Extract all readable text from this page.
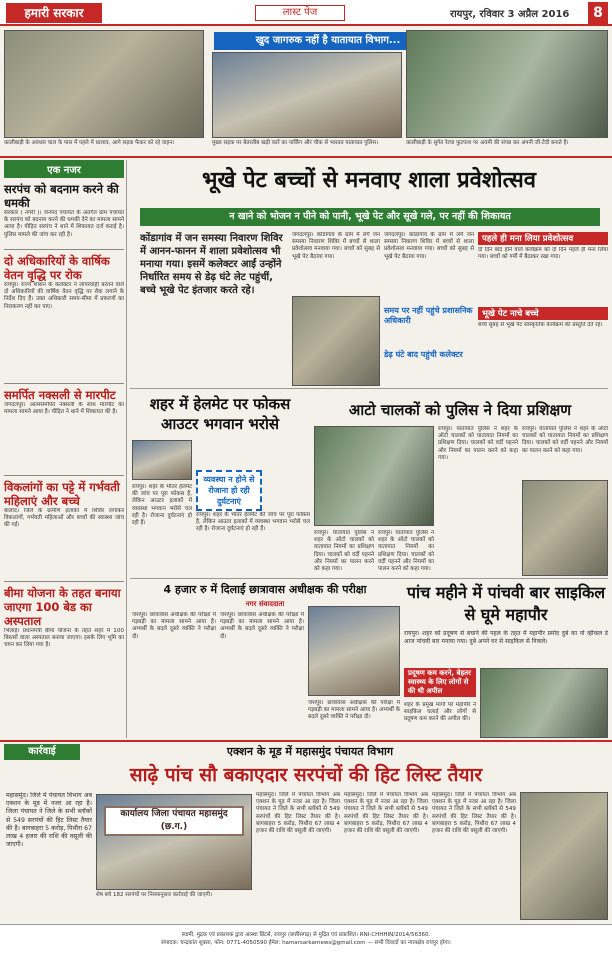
हमारी सरकार	लास्ट पेज	रायपुर, रविवार 3 अप्रैल 2016	8
खुद जागरुक नहीं है यातायात विभाग...
कालीबाड़ी के अवधस चाल के पास में पहले में धालाव, आगे सड़क फैकर को रहे वाहन।	मुख्य सड़क पर बेतरतीब खड़ी कारें का पार्किंग और चौक से भारतत यातायात पुलिस।	कालीबाड़ी के सुगेत रेल्वा फुटपाथ पर अवमी की संपन्न कर अपनी जी-टैदी बनाते हैं।
एक नजर
सरपंच को बदनाम करने की धमकी
सरकार ( नगरी )। जनपद पंचायत के अंतर्गत ग्राम पंचायत के सरपंच को बदनाम करने की धमकी देने का मामला सामने आया है। पीड़ित सरपंच ने थाने में शिकायत दर्ज कराई है। पुलिस मामले की जांच कर रही है।
दो अधिकारियों के वार्षिक वेतन वृद्धि पर रोक
रायपुर। राज्य शासन के कलेक्टर ने लापरवाही बरतने वाले दो अधिकारियों की वार्षिक वेतन वृद्धि पर रोक लगाने के निर्देश दिए हैं। उक्त अधिकारी समय-सीमा में प्रकरणों का निराकरण नहीं कर पाए।
समर्पित नक्सली से मारपीट
जगदलपुर। आत्मसमर्पित नक्सली के साथ मारपीट का मामला सामने आया है। पीड़ित ने थाने में शिकायत की है।
विकलांगों का पट्टे में गर्भवती महिलाएं और बच्चे
बालोद। जिले के ग्रामीण इलाकों में शिविर लगाकर विकलांगों, गर्भवती महिलाओं और बच्चों की स्वास्थ्य जांच की गई।
बीमा योजना के तहत बनाया जाएगा 100 बेड का अस्पताल
भिलाई। प्रधानमंत्री बीमा योजना के तहत शहर में 100 बिस्तरों वाला अस्पताल बनाया जाएगा। इसके लिए भूमि का चयन कर लिया गया है।
भूखे पेट बच्चों से मनवाए शाला प्रवेशोत्सव
न खाने को भोजन न पीने को पानी, भूखे पेट और सूखे गले, पर नहीं की शिकायत
कोंडागांव में जन समस्या निवारण शिविर में आनन-फानन में शाला प्रवेशोत्सव भी मनाया गया। इसमें कलेक्टर आईं उन्होंने निर्धारित समय से डेढ़ घंटे लेट पहुंचीं, बच्चे भूखे पेट इंतजार करते रहे।
जगदलपुर। कोंडागांव के ग्राम में लगे जन समस्या निवारण शिविर में बच्चों से शाला प्रवेशोत्सव मनवाया गया। बच्चों को सुबह से भूखे पेट बैठाया गया।
जगदलपुर। कोंडागांव के ग्राम में लगे जन समस्या निवारण शिविर में बच्चों से शाला प्रवेशोत्सव मनवाया गया। बच्चों को सुबह से भूखे पेट बैठाया गया।
समय पर नहीं पहुंचे प्रशासनिक अधिकारी
डेढ़ घंटे बाद पहुंची कलेक्टर
पहले ही मना लिया प्रवेशोत्सव
दो दिन बाद होने वाले कार्यक्रम को दो दिन पहले ही मना लिया गया। बच्चों को गर्मी में बैठाकर रखा गया।
भूखे पेट नाचे बच्चे
बच्चे सुबह से भूखे पेट सांस्कृतिक कार्यक्रम की प्रस्तुति देते रहे।
शहर में हेलमेट पर फोकस आउटर भगवान भरोसे
व्यवस्था न होने से रोजाना हो रही दुर्घटनाएं
रायपुर। शहर के भीतर हेलमेट की जांच पर पूरा फोकस है, लेकिन आउटर इलाकों में व्यवस्था भगवान भरोसे चल रही है। रोजाना दुर्घटनाएं हो रही हैं।
रायपुर। शहर के भीतर हेलमेट की जांच पर पूरा फोकस है, लेकिन आउटर इलाकों में व्यवस्था भगवान भरोसे चल रही है। रोजाना दुर्घटनाएं हो रही हैं।
आटो चालकों को पुलिस ने दिया प्रशिक्षण
रायपुर। यातायात पुलिस ने शहर के ऑटो चालकों को यातायात नियमों का प्रशिक्षण दिया। चालकों को वर्दी पहनने और नियमों का पालन करने को कहा गया।
रायपुर। यातायात पुलिस ने शहर के ऑटो चालकों को यातायात नियमों का प्रशिक्षण दिया। चालकों को वर्दी पहनने और नियमों का पालन करने को कहा गया।
रायपुर। यातायात पुलिस ने शहर के ऑटो चालकों को यातायात नियमों का प्रशिक्षण दिया। चालकों को वर्दी पहनने और नियमों का पालन करने को कहा गया।
रायपुर। यातायात पुलिस ने शहर के ऑटो चालकों को यातायात नियमों का प्रशिक्षण दिया। चालकों को वर्दी पहनने और नियमों का पालन करने को कहा गया।
4 हजार रु में दिलाई छात्रावास अधीक्षक की परीक्षा
नगर संवाददाता
जशपुर। छात्रावास अधीक्षक की परीक्षा में गड़बड़ी का मामला सामने आया है। अभ्यर्थी के बदले दूसरे व्यक्ति ने परीक्षा दी।
जशपुर। छात्रावास अधीक्षक की परीक्षा में गड़बड़ी का मामला सामने आया है। अभ्यर्थी के बदले दूसरे व्यक्ति ने परीक्षा दी।
जशपुर। छात्रावास अधीक्षक की परीक्षा में गड़बड़ी का मामला सामने आया है। अभ्यर्थी के बदले दूसरे व्यक्ति ने परीक्षा दी।
पांच महीने में पांचवी बार साइकिल से घूमे महापौर
रायपुर। शहर को प्रदूषण से बचाने की पहल के तहत में महापौर प्रमोद दुबे का नो व्हीकल डे आज पांचवी बार मनाया गया। दुबे अपने घर से साइकिल से निकले।
प्रदूषण कम करने, बेहतर स्वास्थ्य के लिए लोगों से की थी अपील
शहर के प्रमुख मार्गों पर महापौर ने साइकिल चलाई और लोगों से प्रदूषण कम करने की अपील की।
कार्रवाई	एक्शन के मूड में महासमुंद पंचायत विभाग
साढ़े पांच सौ बकाएदार सरपंचों की हिट लिस्ट तैयार
महासमुंद। जिले में पंचायत विभाग अब एक्शन के मूड में नजर आ रहा है। जिला पंचायत ने जिले के सभी ब्लॉकों से 549 सरपंचों की हिट लिस्ट तैयार की है। बागबाहरा 5 करोड़, पिथौरा 67 लाख 4 हजार की राशि की वसूली की जाएगी।
कार्यालय जिला पंचायत महासमुंद (छ.ग.)
शेष बचे 182 सरपंचों पर नियमानुसार कार्रवाई की जाएगी।
महासमुंद। जिले में पंचायत विभाग अब एक्शन के मूड में नजर आ रहा है। जिला पंचायत ने जिले के सभी ब्लॉकों से 549 सरपंचों की हिट लिस्ट तैयार की है। बागबाहरा 5 करोड़, पिथौरा 67 लाख 4 हजार की राशि की वसूली की जाएगी।
महासमुंद। जिले में पंचायत विभाग अब एक्शन के मूड में नजर आ रहा है। जिला पंचायत ने जिले के सभी ब्लॉकों से 549 सरपंचों की हिट लिस्ट तैयार की है। बागबाहरा 5 करोड़, पिथौरा 67 लाख 4 हजार की राशि की वसूली की जाएगी।
महासमुंद। जिले में पंचायत विभाग अब एक्शन के मूड में नजर आ रहा है। जिला पंचायत ने जिले के सभी ब्लॉकों से 549 सरपंचों की हिट लिस्ट तैयार की है। बागबाहरा 5 करोड़, पिथौरा 67 लाख 4 हजार की राशि की वसूली की जाएगी।
स्वामी, मुद्रक एवं प्रकाशक द्वारा आस्था प्रिंटर्स, रायपुर (छत्तीसगढ़) से मुद्रित एवं प्रकाशित। RNI-CHHHIN/2014/56360.
संपादक: चन्द्रकांत शुक्ला, फोन: 0771-4050590 ईमेल: hamarsarkarnews@gmail.com — सभी विवादों का न्यायक्षेत्र रायपुर होगा।
